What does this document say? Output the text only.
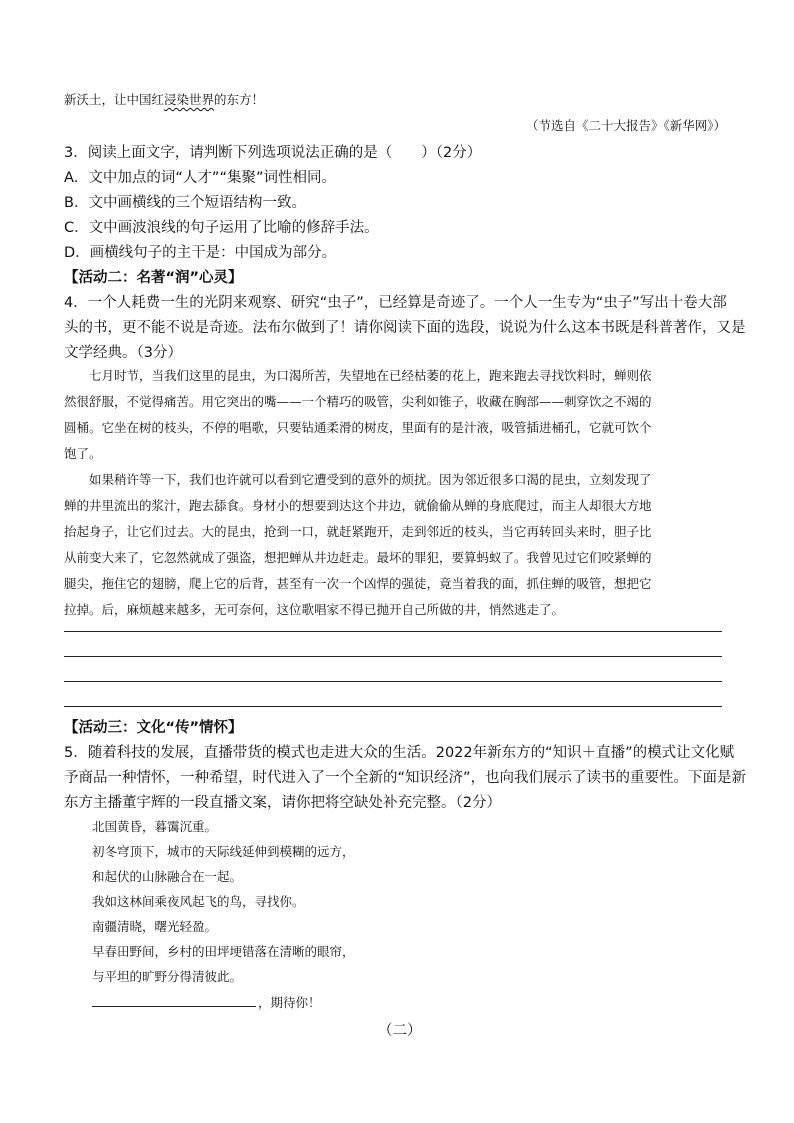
新沃土，让中国红浸染世界的东方！
（节选自《二十大报告》《新华网》）
3．阅读上面文字，请判断下列选项说法正确的是（　　）（2分）
A．文中加点的词“人才”“集聚”词性相同。
B．文中画横线的三个短语结构一致。
C．文中画波浪线的句子运用了比喻的修辞手法。
D．画横线句子的主干是：中国成为部分。
【活动二：名著“润”心灵】
4．一个人耗费一生的光阴来观察、研究“虫子”，已经算是奇迹了。一个人一生专为“虫子”写出十卷大部
头的书，更不能不说是奇迹。法布尔做到了！请你阅读下面的选段，说说为什么这本书既是科普著作，又是
文学经典。（3分）
七月时节，当我们这里的昆虫，为口渴所苦，失望地在已经枯萎的花上，跑来跑去寻找饮料时，蝉则依
然很舒服，不觉得痛苦。用它突出的嘴——一个精巧的吸管，尖利如锥子，收藏在胸部——刺穿饮之不竭的
圆桶。它坐在树的枝头，不停的唱歌，只要钻通柔滑的树皮，里面有的是汁液，吸管插进桶孔，它就可饮个
饱了。
如果稍许等一下，我们也许就可以看到它遭受到的意外的烦扰。因为邻近很多口渴的昆虫，立刻发现了
蝉的井里流出的浆汁，跑去舔食。身材小的想要到达这个井边，就偷偷从蝉的身底爬过，而主人却很大方地
抬起身子，让它们过去。大的昆虫，抢到一口，就赶紧跑开，走到邻近的枝头，当它再转回头来时，胆子比
从前变大来了，它忽然就成了强盗，想把蝉从井边赶走。最坏的罪犯，要算蚂蚁了。我曾见过它们咬紧蝉的
腿尖，拖住它的翅膀，爬上它的后背，甚至有一次一个凶悍的强徒，竟当着我的面，抓住蝉的吸管，想把它
拉掉。后，麻烦越来越多，无可奈何，这位歌唱家不得已抛开自己所做的井，悄然逃走了。
【活动三：文化“传”情怀】
5．随着科技的发展，直播带货的模式也走进大众的生活。2022年新东方的“知识＋直播”的模式让文化赋
予商品一种情怀，一种希望，时代进入了一个全新的“知识经济”，也向我们展示了读书的重要性。下面是新
东方主播董宇辉的一段直播文案，请你把将空缺处补充完整。（2分）
北国黄昏，暮霭沉重。
初冬穹顶下，城市的天际线延伸到模糊的远方，
和起伏的山脉融合在一起。
我如这林间乘夜风起飞的鸟，寻找你。
南疆清晓，曙光轻盈。
早春田野间，乡村的田坪埂错落在清晰的眼帘，
与平坦的旷野分得清彼此。
，期待你！
（二）
